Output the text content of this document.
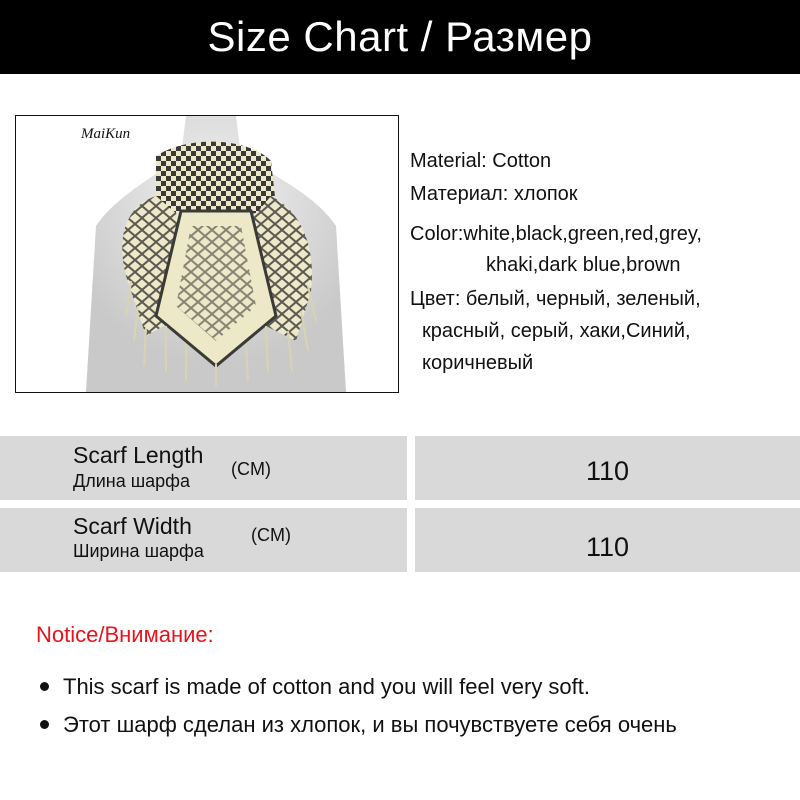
Size Chart / Размер
MaiKun
Material: Cotton
Материал: хлопок
Color:white,black,green,red,grey,
khaki,dark blue,brown
Цвет: белый, черный, зеленый,
красный, серый, хаки,Синий,
коричневый
Scarf Length
Длина шарфа
(CM)	110
Scarf Width
Ширина шарфа
(CM)	110
Notice/Внимание:
This scarf is made of cotton and you will feel very soft.
Этот шарф сделан из хлопок, и вы почувствуете себя очень
